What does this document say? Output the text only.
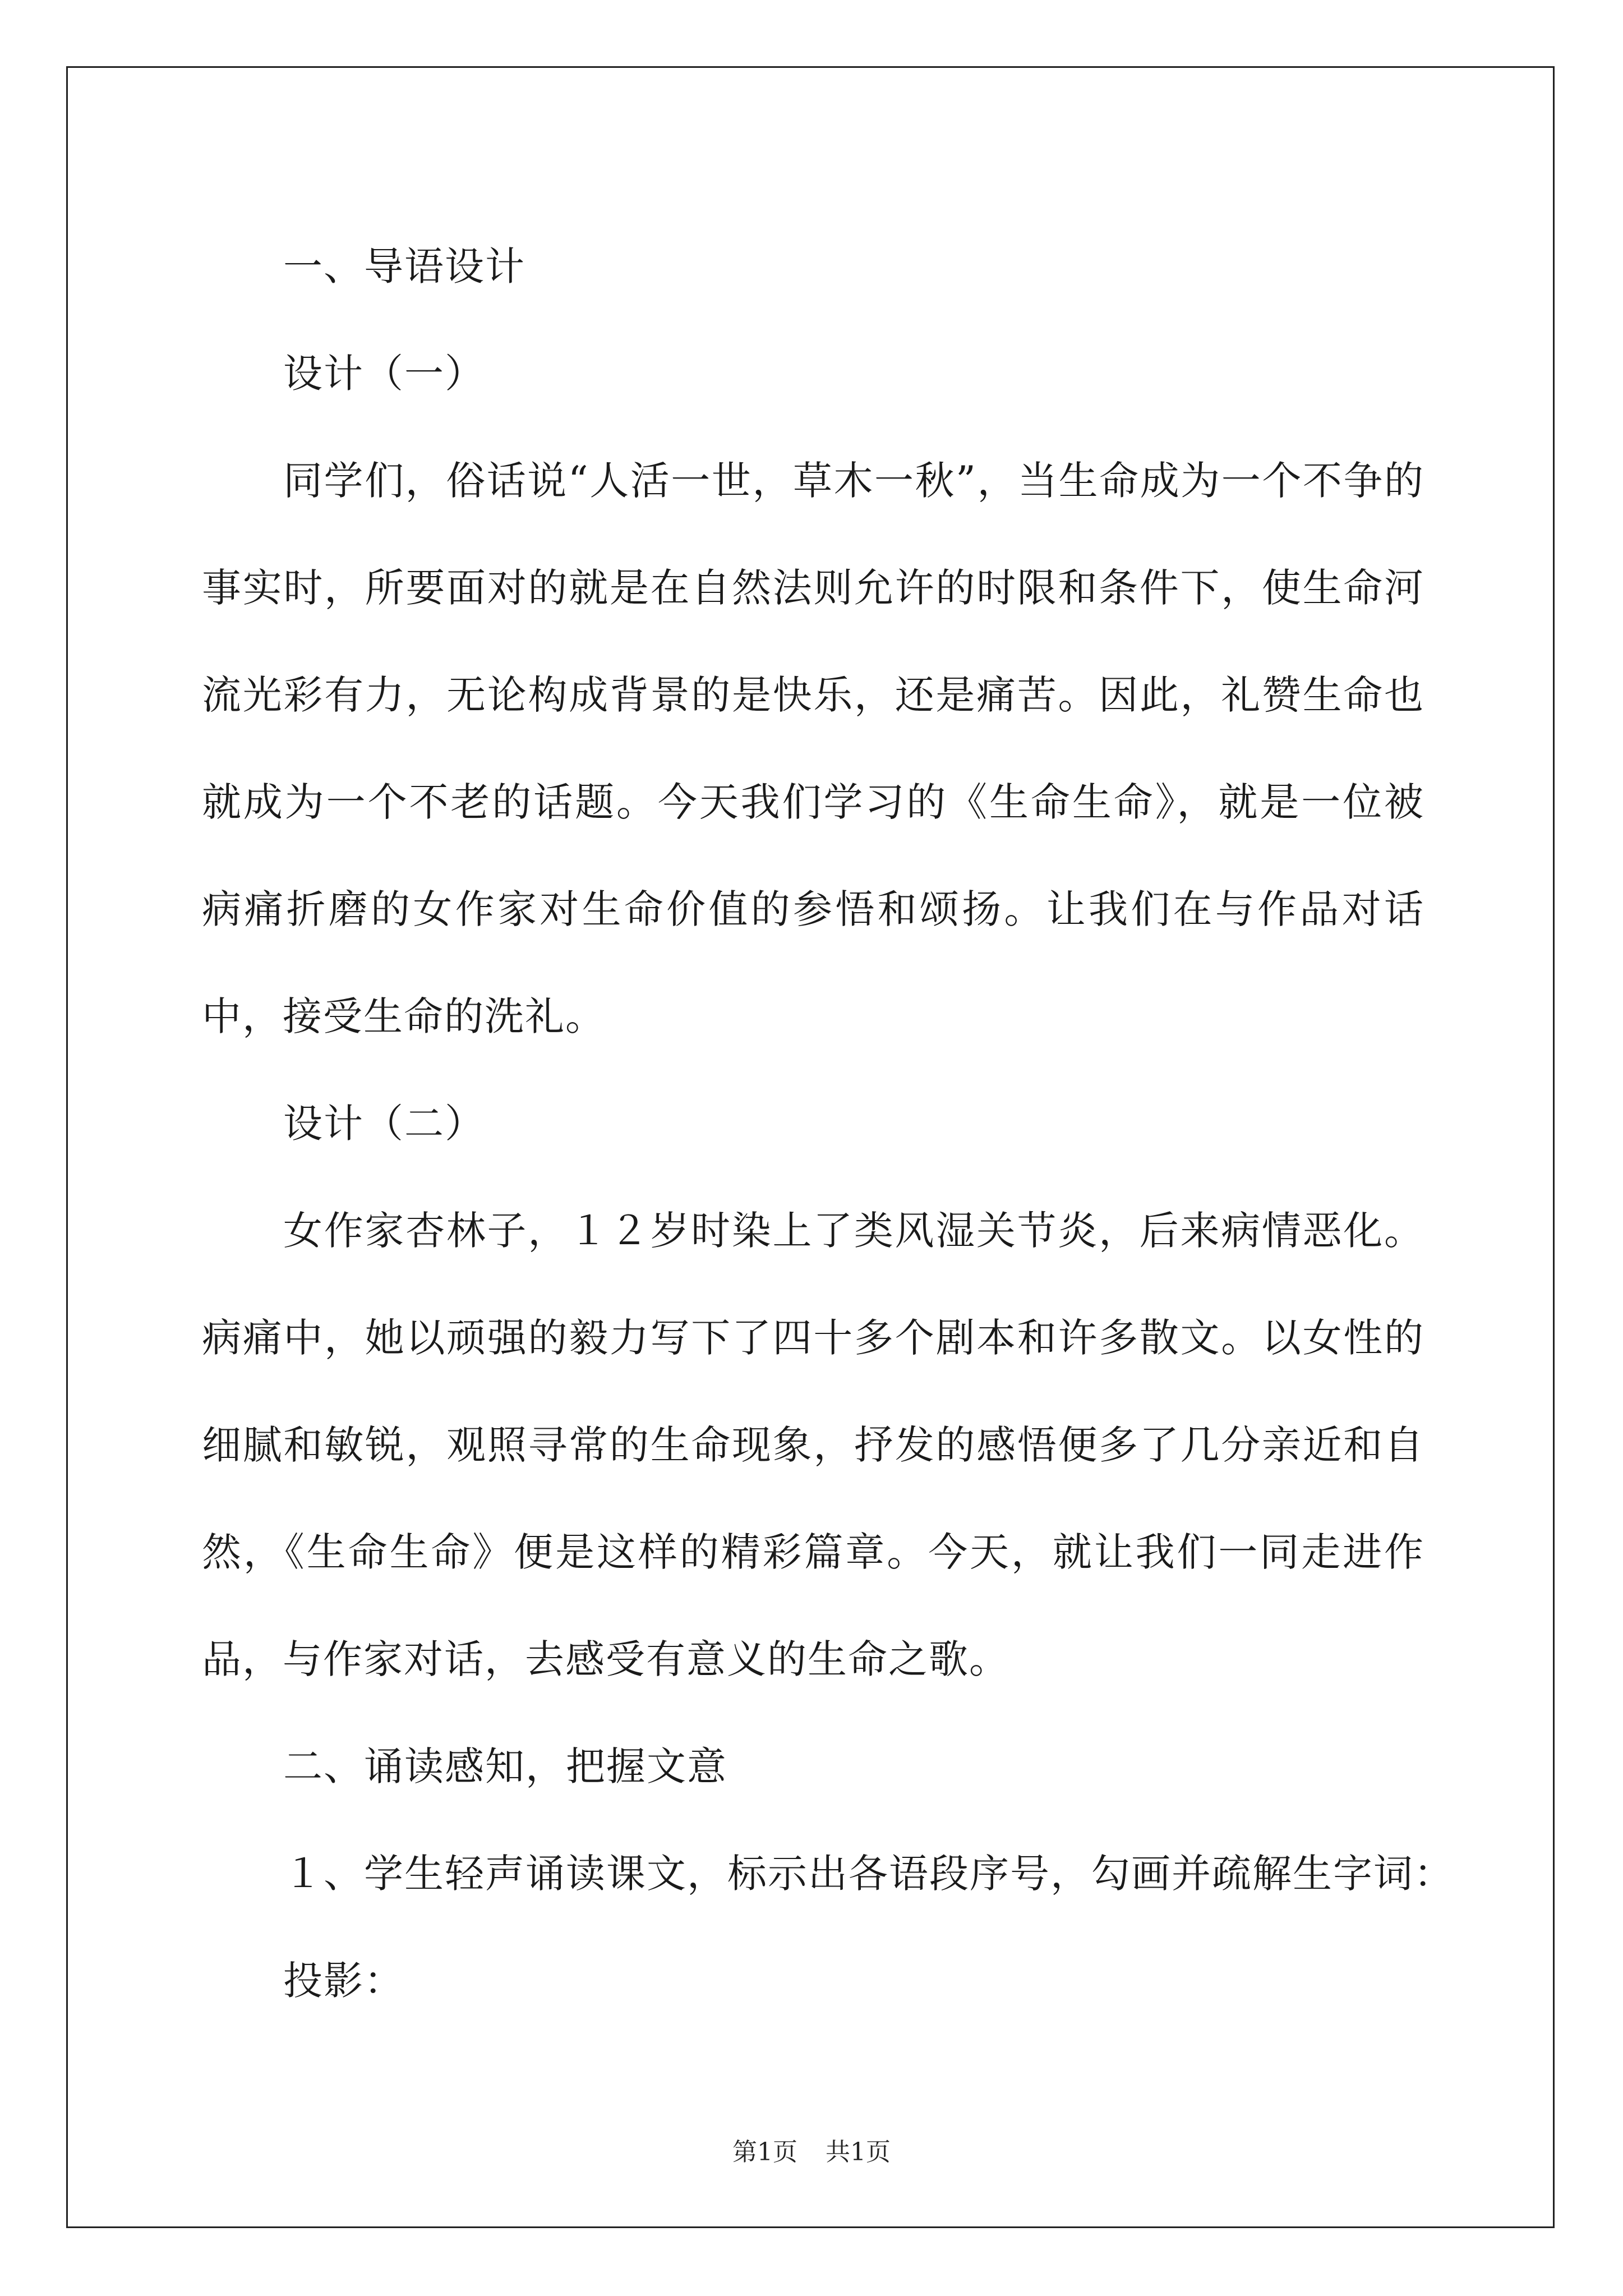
一、导语设计
设计（一）
同学们，俗话说“人活一世，草木一秋”，当生命成为一个不争的事实时，所要面对的就是在自然法则允许的时限和条件下，使生命河流光彩有力，无论构成背景的是快乐，还是痛苦。因此，礼赞生命也就成为一个不老的话题。今天我们学习的《生命生命》，就是一位被病痛折磨的女作家对生命价值的参悟和颂扬。让我们在与作品对话中，接受生命的洗礼。
设计（二）
女作家杏林子，１２岁时染上了类风湿关节炎，后来病情恶化。病痛中，她以顽强的毅力写下了四十多个剧本和许多散文。以女性的细腻和敏锐，观照寻常的生命现象，抒发的感悟便多了几分亲近和自然，《生命生命》便是这样的精彩篇章。今天，就让我们一同走进作品，与作家对话，去感受有意义的生命之歌。
二、诵读感知，把握文意
１、学生轻声诵读课文，标示出各语段序号，勾画并疏解生字词：
投影：
第1页 共1页
